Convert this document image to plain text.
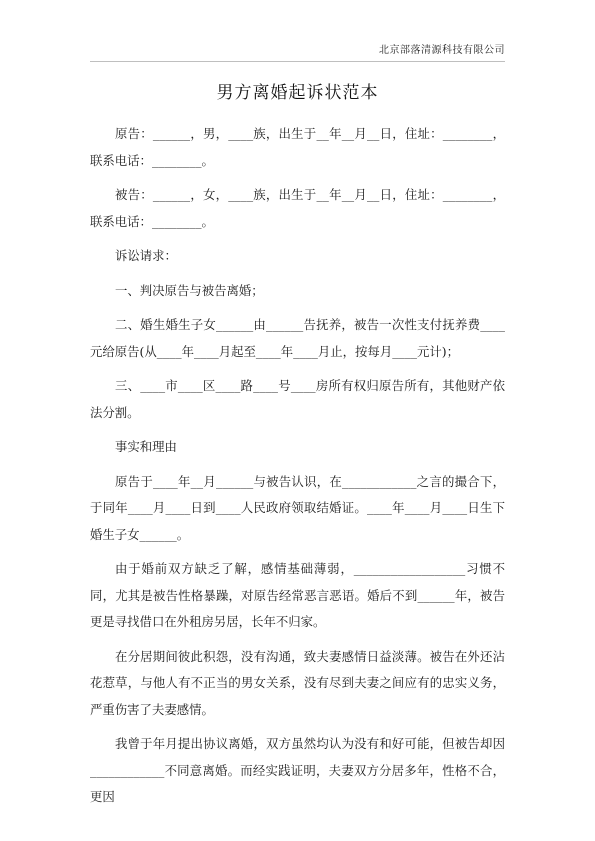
北京部落清源科技有限公司
男方离婚起诉状范本

原告：______，男，____族，出生于__年__月__日，住址：________，联系电话：________。

被告：______，女，____族，出生于__年__月__日，住址：________，联系电话：________。

诉讼请求：

一、判决原告与被告离婚；

二、婚生婚生子女______由______告抚养，被告一次性支付抚养费____元给原告(从____年____月起至____年____月止，按每月____元计)；

三、____市____区____路____号____房所有权归原告所有，其他财产依法分割。

事实和理由

原告于____年__月______与被告认识，在____________之言的撮合下，于同年____月____日到____人民政府领取结婚证。____年____月____日生下婚生子女______。

由于婚前双方缺乏了解，感情基础薄弱，__________________习惯不同，尤其是被告性格暴躁，对原告经常恶言恶语。婚后不到______年，被告更是寻找借口在外租房另居，长年不归家。

在分居期间彼此积怨，没有沟通，致夫妻感情日益淡薄。被告在外还沾花惹草，与他人有不正当的男女关系，没有尽到夫妻之间应有的忠实义务，严重伤害了夫妻感情。

我曾于年月提出协议离婚，双方虽然均认为没有和好可能，但被告却因____________不同意离婚。而经实践证明，夫妻双方分居多年，性格不合，更因
